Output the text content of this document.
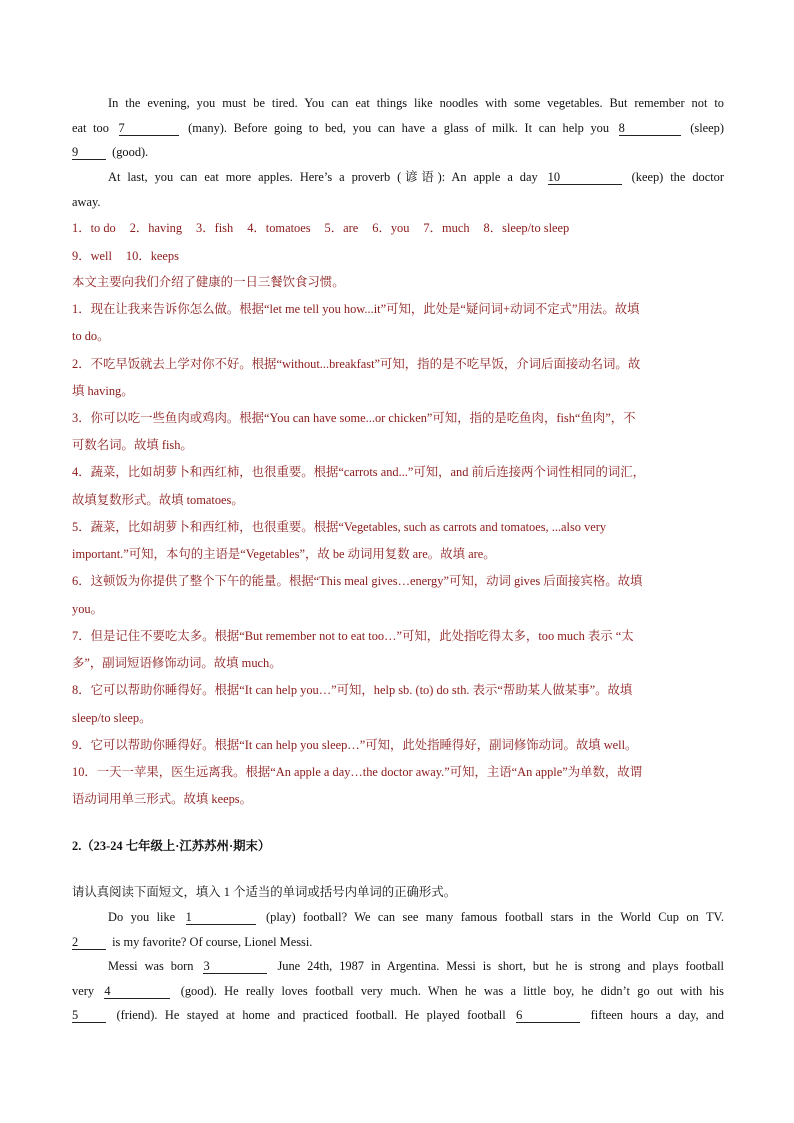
In the evening, you must be tired. You can eat things like noodles with some vegetables. But remember not to
eat too 7	(many). Before going to bed, you can have a glass of milk. It can help you 8	(sleep)
9	(good).
At last, you can eat more apples. Here’s a proverb (谚语): An apple a day 10	(keep) the doctor
away.
1．to do 2．having 3．fish 4．tomatoes 5．are 6．you 7．much 8．sleep/to sleep
9．well 10．keeps
本文主要向我们介绍了健康的一日三餐饮食习惯。
1．现在让我来告诉你怎么做。根据“let me tell you how...it”可知，此处是“疑问词+动词不定式”用法。故填
to do。
2．不吃早饭就去上学对你不好。根据“without...breakfast”可知，指的是不吃早饭，介词后面接动名词。故
填 having。
3．你可以吃一些鱼肉或鸡肉。根据“You can have some...or chicken”可知，指的是吃鱼肉，fish“鱼肉”，不
可数名词。故填 fish。
4．蔬菜，比如胡萝卜和西红柿，也很重要。根据“carrots and...”可知，and 前后连接两个词性相同的词汇，
故填复数形式。故填 tomatoes。
5．蔬菜，比如胡萝卜和西红柿，也很重要。根据“Vegetables, such as carrots and tomatoes, ...also very
important.”可知，本句的主语是“Vegetables”，故 be 动词用复数 are。故填 are。
6．这顿饭为你提供了整个下午的能量。根据“This meal gives…energy”可知，动词 gives 后面接宾格。故填
you。
7．但是记住不要吃太多。根据“But remember not to eat too…”可知，此处指吃得太多，too much 表示 “太
多”，副词短语修饰动词。故填 much。
8．它可以帮助你睡得好。根据“It can help you…”可知，help sb. (to) do sth. 表示“帮助某人做某事”。故填
sleep/to sleep。
9．它可以帮助你睡得好。根据“It can help you sleep…”可知，此处指睡得好，副词修饰动词。故填 well。
10．一天一苹果，医生远离我。根据“An apple a day…the doctor away.”可知，主语“An apple”为单数，故谓
语动词用单三形式。故填 keeps。
2.（23-24 七年级上·江苏苏州·期末）
请认真阅读下面短文，填入 1 个适当的单词或括号内单词的正确形式。
Do you like 1	(play) football? We can see many famous football stars in the World Cup on TV.
2	is my favorite? Of course, Lionel Messi.
Messi was born 3	June 24th, 1987 in Argentina. Messi is short, but he is strong and plays football
very 4	(good). He really loves football very much. When he was a little boy, he didn’t go out with his
5	(friend). He stayed at home and practiced football. He played football 6	fifteen hours a day, and
